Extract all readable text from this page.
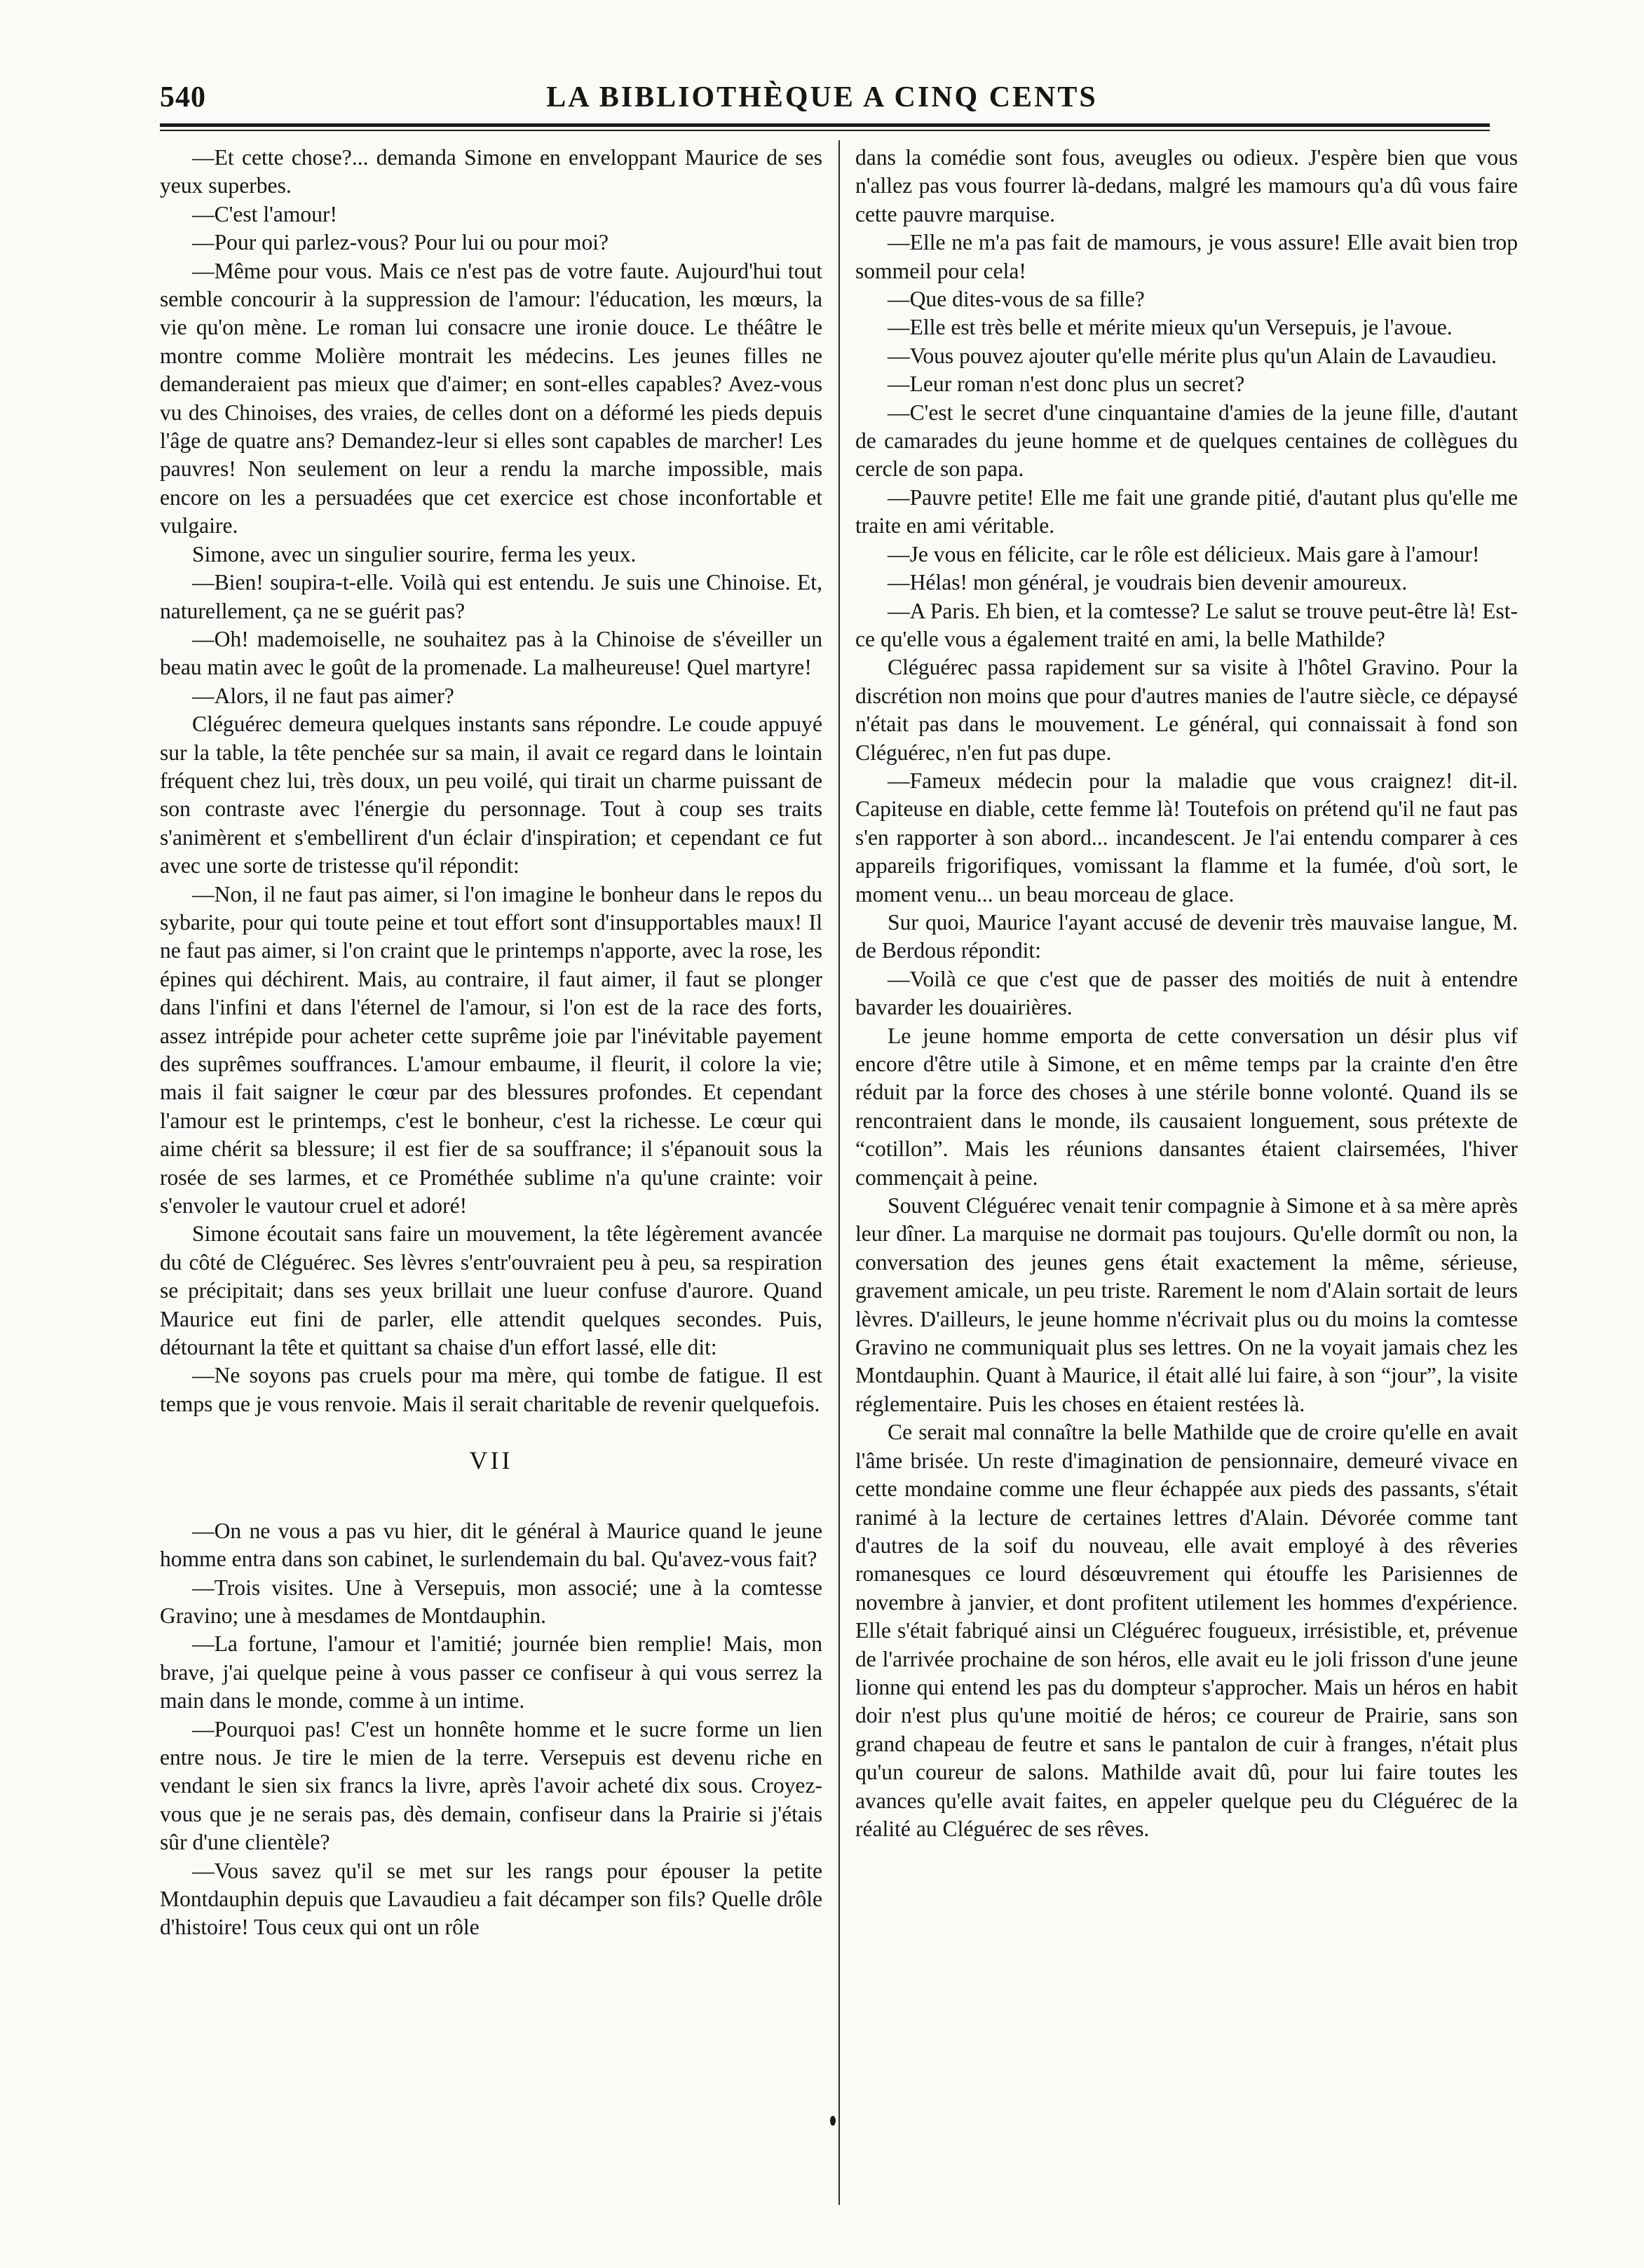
540	LA BIBLIOTHÈQUE A CINQ CENTS

—Et cette chose?... demanda Simone en enveloppant Maurice de ses yeux superbes.

—C'est l'amour!

—Pour qui parlez-vous? Pour lui ou pour moi?

—Même pour vous. Mais ce n'est pas de votre faute. Aujourd'hui tout semble concourir à la suppression de l'amour: l'éducation, les mœurs, la vie qu'on mène. Le roman lui consacre une ironie douce. Le théâtre le montre comme Molière montrait les médecins. Les jeunes filles ne demanderaient pas mieux que d'aimer; en sont-elles capables? Avez-vous vu des Chinoises, des vraies, de celles dont on a déformé les pieds depuis l'âge de quatre ans? Demandez-leur si elles sont capables de marcher! Les pauvres! Non seulement on leur a rendu la marche impossible, mais encore on les a persuadées que cet exercice est chose inconfortable et vulgaire.

Simone, avec un singulier sourire, ferma les yeux.

—Bien! soupira-t-elle. Voilà qui est entendu. Je suis une Chinoise. Et, naturellement, ça ne se guérit pas?

—Oh! mademoiselle, ne souhaitez pas à la Chinoise de s'éveiller un beau matin avec le goût de la promenade. La malheureuse! Quel martyre!

—Alors, il ne faut pas aimer?

Cléguérec demeura quelques instants sans répondre. Le coude appuyé sur la table, la tête penchée sur sa main, il avait ce regard dans le lointain fréquent chez lui, très doux, un peu voilé, qui tirait un charme puissant de son contraste avec l'énergie du personnage. Tout à coup ses traits s'animèrent et s'embellirent d'un éclair d'inspiration; et cependant ce fut avec une sorte de tristesse qu'il répondit:

—Non, il ne faut pas aimer, si l'on imagine le bonheur dans le repos du sybarite, pour qui toute peine et tout effort sont d'insupportables maux! Il ne faut pas aimer, si l'on craint que le printemps n'apporte, avec la rose, les épines qui déchirent. Mais, au contraire, il faut aimer, il faut se plonger dans l'infini et dans l'éternel de l'amour, si l'on est de la race des forts, assez intrépide pour acheter cette suprême joie par l'inévitable payement des suprêmes souffrances. L'amour embaume, il fleurit, il colore la vie; mais il fait saigner le cœur par des blessures profondes. Et cependant l'amour est le printemps, c'est le bonheur, c'est la richesse. Le cœur qui aime chérit sa blessure; il est fier de sa souffrance; il s'épanouit sous la rosée de ses larmes, et ce Prométhée sublime n'a qu'une crainte: voir s'envoler le vautour cruel et adoré!

Simone écoutait sans faire un mouvement, la tête légèrement avancée du côté de Cléguérec. Ses lèvres s'entr'ouvraient peu à peu, sa respiration se précipitait; dans ses yeux brillait une lueur confuse d'aurore. Quand Maurice eut fini de parler, elle attendit quelques secondes. Puis, détournant la tête et quittant sa chaise d'un effort lassé, elle dit:

—Ne soyons pas cruels pour ma mère, qui tombe de fatigue. Il est temps que je vous renvoie. Mais il serait charitable de revenir quelquefois.

VII

—On ne vous a pas vu hier, dit le général à Maurice quand le jeune homme entra dans son cabinet, le surlendemain du bal. Qu'avez-vous fait?

—Trois visites. Une à Versepuis, mon associé; une à la comtesse Gravino; une à mesdames de Montdauphin.

—La fortune, l'amour et l'amitié; journée bien remplie! Mais, mon brave, j'ai quelque peine à vous passer ce confiseur à qui vous serrez la main dans le monde, comme à un intime.

—Pourquoi pas! C'est un honnête homme et le sucre forme un lien entre nous. Je tire le mien de la terre. Versepuis est devenu riche en vendant le sien six francs la livre, après l'avoir acheté dix sous. Croyez-vous que je ne serais pas, dès demain, confiseur dans la Prairie si j'étais sûr d'une clientèle?

—Vous savez qu'il se met sur les rangs pour épouser la petite Montdauphin depuis que Lavaudieu a fait décamper son fils? Quelle drôle d'histoire! Tous ceux qui ont un rôle

dans la comédie sont fous, aveugles ou odieux. J'espère bien que vous n'allez pas vous fourrer là-dedans, malgré les mamours qu'a dû vous faire cette pauvre marquise.

—Elle ne m'a pas fait de mamours, je vous assure! Elle avait bien trop sommeil pour cela!

—Que dites-vous de sa fille?

—Elle est très belle et mérite mieux qu'un Versepuis, je l'avoue.

—Vous pouvez ajouter qu'elle mérite plus qu'un Alain de Lavaudieu.

—Leur roman n'est donc plus un secret?

—C'est le secret d'une cinquantaine d'amies de la jeune fille, d'autant de camarades du jeune homme et de quelques centaines de collègues du cercle de son papa.

—Pauvre petite! Elle me fait une grande pitié, d'autant plus qu'elle me traite en ami véritable.

—Je vous en félicite, car le rôle est délicieux. Mais gare à l'amour!

—Hélas! mon général, je voudrais bien devenir amoureux.

—A Paris. Eh bien, et la comtesse? Le salut se trouve peut-être là! Est-ce qu'elle vous a également traité en ami, la belle Mathilde?

Cléguérec passa rapidement sur sa visite à l'hôtel Gravino. Pour la discrétion non moins que pour d'autres manies de l'autre siècle, ce dépaysé n'était pas dans le mouvement. Le général, qui connaissait à fond son Cléguérec, n'en fut pas dupe.

—Fameux médecin pour la maladie que vous craignez! dit-il. Capiteuse en diable, cette femme là! Toutefois on prétend qu'il ne faut pas s'en rapporter à son abord... incandescent. Je l'ai entendu comparer à ces appareils frigorifiques, vomissant la flamme et la fumée, d'où sort, le moment venu... un beau morceau de glace.

Sur quoi, Maurice l'ayant accusé de devenir très mauvaise langue, M. de Berdous répondit:

—Voilà ce que c'est que de passer des moitiés de nuit à entendre bavarder les douairières.

Le jeune homme emporta de cette conversation un désir plus vif encore d'être utile à Simone, et en même temps par la crainte d'en être réduit par la force des choses à une stérile bonne volonté. Quand ils se rencontraient dans le monde, ils causaient longuement, sous prétexte de “cotillon”. Mais les réunions dansantes étaient clairsemées, l'hiver commençait à peine.

Souvent Cléguérec venait tenir compagnie à Simone et à sa mère après leur dîner. La marquise ne dormait pas toujours. Qu'elle dormît ou non, la conversation des jeunes gens était exactement la même, sérieuse, gravement amicale, un peu triste. Rarement le nom d'Alain sortait de leurs lèvres. D'ailleurs, le jeune homme n'écrivait plus ou du moins la comtesse Gravino ne communiquait plus ses lettres. On ne la voyait jamais chez les Montdauphin. Quant à Maurice, il était allé lui faire, à son “jour”, la visite réglementaire. Puis les choses en étaient restées là.

Ce serait mal connaître la belle Mathilde que de croire qu'elle en avait l'âme brisée. Un reste d'imagination de pensionnaire, demeuré vivace en cette mondaine comme une fleur échappée aux pieds des passants, s'était ranimé à la lecture de certaines lettres d'Alain. Dévorée comme tant d'autres de la soif du nouveau, elle avait employé à des rêveries romanesques ce lourd désœuvrement qui étouffe les Parisiennes de novembre à janvier, et dont profitent utilement les hommes d'expérience. Elle s'était fabriqué ainsi un Cléguérec fougueux, irrésistible, et, prévenue de l'arrivée prochaine de son héros, elle avait eu le joli frisson d'une jeune lionne qui entend les pas du dompteur s'approcher. Mais un héros en habit doir n'est plus qu'une moitié de héros; ce coureur de Prairie, sans son grand chapeau de feutre et sans le pantalon de cuir à franges, n'était plus qu'un coureur de salons. Mathilde avait dû, pour lui faire toutes les avances qu'elle avait faites, en appeler quelque peu du Cléguérec de la réalité au Cléguérec de ses rêves.
